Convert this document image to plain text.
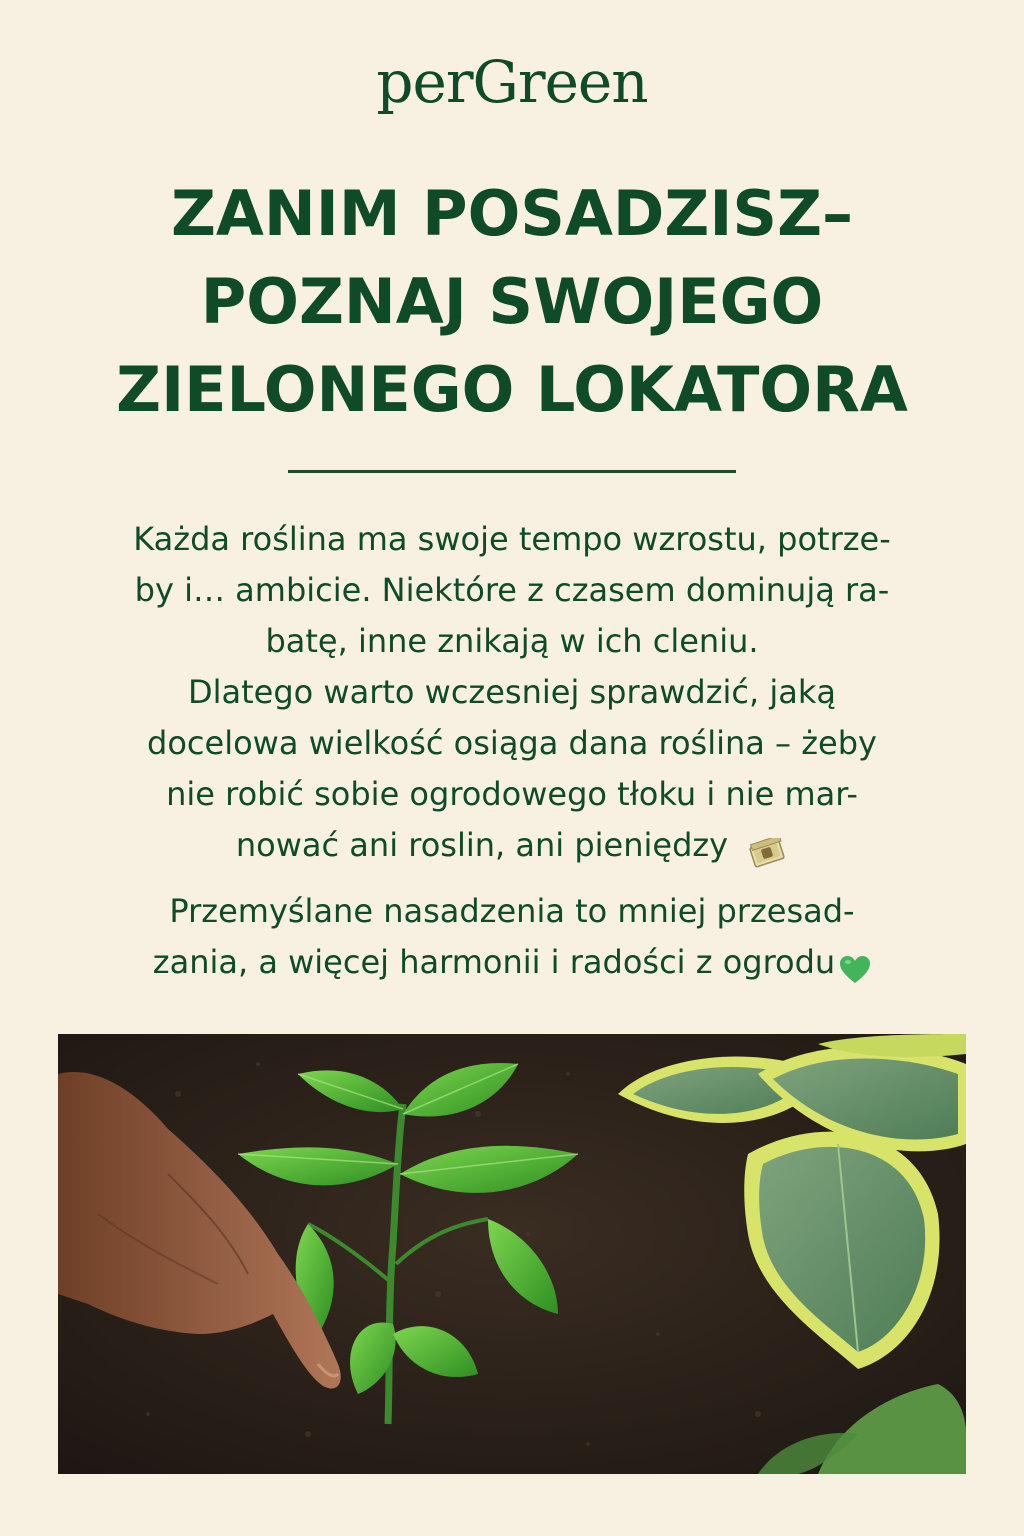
perGreen
ZANIM POSADZISZ–
POZNAJ SWOJEGO
ZIELONEGO LOKATORA
Każda roślina ma swoje tempo wzrostu, potrze-
by i… ambicie. Niektóre z czasem dominują ra-
batę, inne znikają w ich cleniu.
Dlatego warto wczesniej sprawdzić, jaką
docelowa wielkość osiąga dana roślina – żeby
nie robić sobie ogrodowego tłoku i nie mar-
nować ani roslin, ani pieniędzy
Przemyślane nasadzenia to mniej przesad-
zania, a więcej harmonii i radości z ogrodu
